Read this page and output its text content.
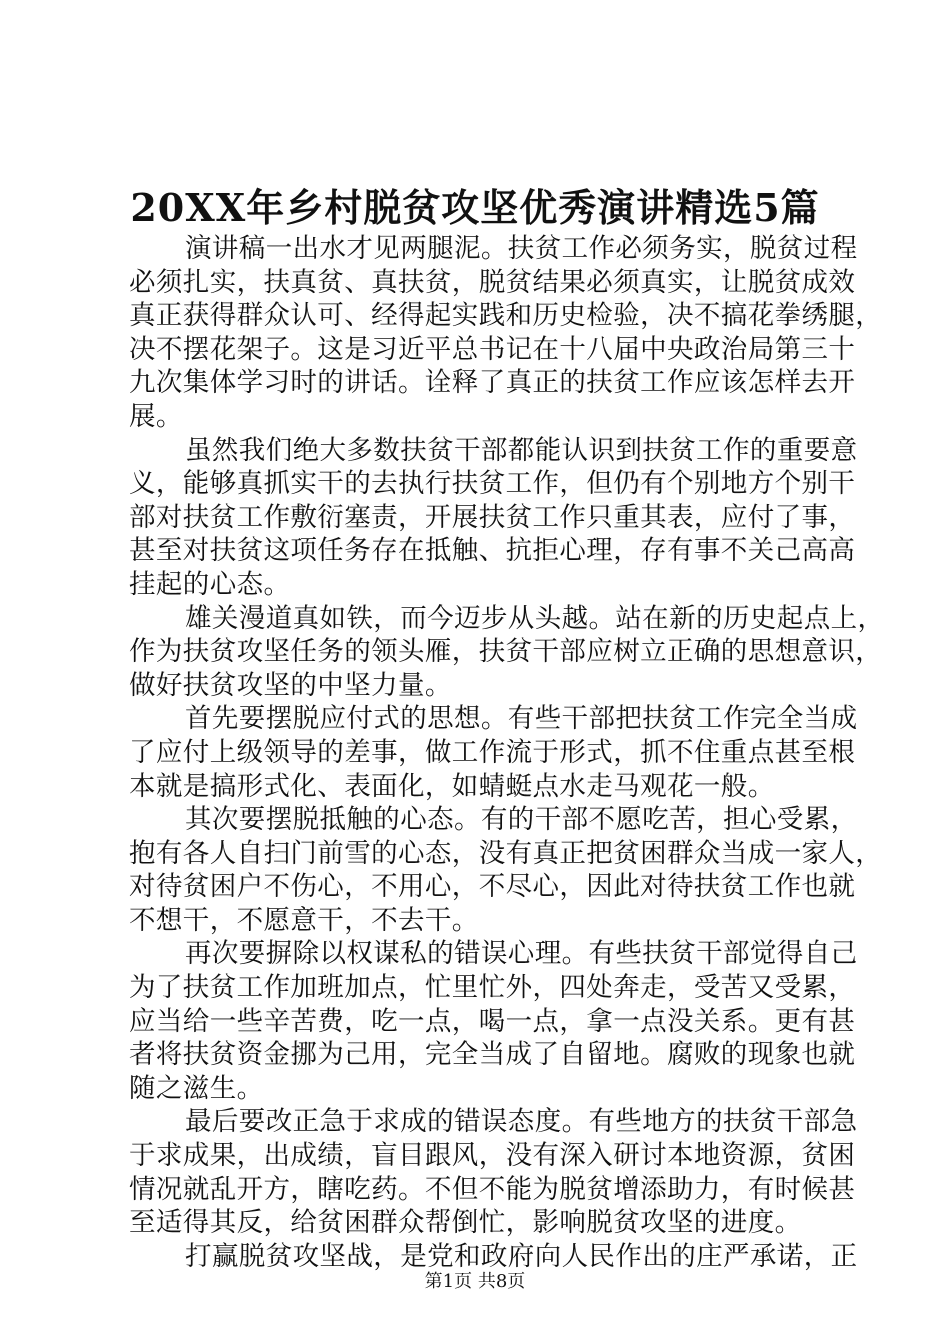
20XX年乡村脱贫攻坚优秀演讲精选5篇
演讲稿一出水才见两腿泥。扶贫工作必须务实，脱贫过程
必须扎实，扶真贫、真扶贫，脱贫结果必须真实，让脱贫成效
真正获得群众认可、经得起实践和历史检验，决不搞花拳绣腿，
决不摆花架子。这是习近平总书记在十八届中央政治局第三十
九次集体学习时的讲话。诠释了真正的扶贫工作应该怎样去开
展。
虽然我们绝大多数扶贫干部都能认识到扶贫工作的重要意
义，能够真抓实干的去执行扶贫工作，但仍有个别地方个别干
部对扶贫工作敷衍塞责，开展扶贫工作只重其表，应付了事，
甚至对扶贫这项任务存在抵触、抗拒心理，存有事不关己高高
挂起的心态。
雄关漫道真如铁，而今迈步从头越。站在新的历史起点上，
作为扶贫攻坚任务的领头雁，扶贫干部应树立正确的思想意识，
做好扶贫攻坚的中坚力量。
首先要摆脱应付式的思想。有些干部把扶贫工作完全当成
了应付上级领导的差事，做工作流于形式，抓不住重点甚至根
本就是搞形式化、表面化，如蜻蜓点水走马观花一般。
其次要摆脱抵触的心态。有的干部不愿吃苦，担心受累，
抱有各人自扫门前雪的心态，没有真正把贫困群众当成一家人，
对待贫困户不伤心，不用心，不尽心，因此对待扶贫工作也就
不想干，不愿意干，不去干。
再次要摒除以权谋私的错误心理。有些扶贫干部觉得自己
为了扶贫工作加班加点，忙里忙外，四处奔走，受苦又受累，
应当给一些辛苦费，吃一点，喝一点，拿一点没关系。更有甚
者将扶贫资金挪为己用，完全当成了自留地。腐败的现象也就
随之滋生。
最后要改正急于求成的错误态度。有些地方的扶贫干部急
于求成果，出成绩，盲目跟风，没有深入研讨本地资源，贫困
情况就乱开方，瞎吃药。不但不能为脱贫增添助力，有时候甚
至适得其反，给贫困群众帮倒忙，影响脱贫攻坚的进度。
打赢脱贫攻坚战，是党和政府向人民作出的庄严承诺，正
第1页 共8页
